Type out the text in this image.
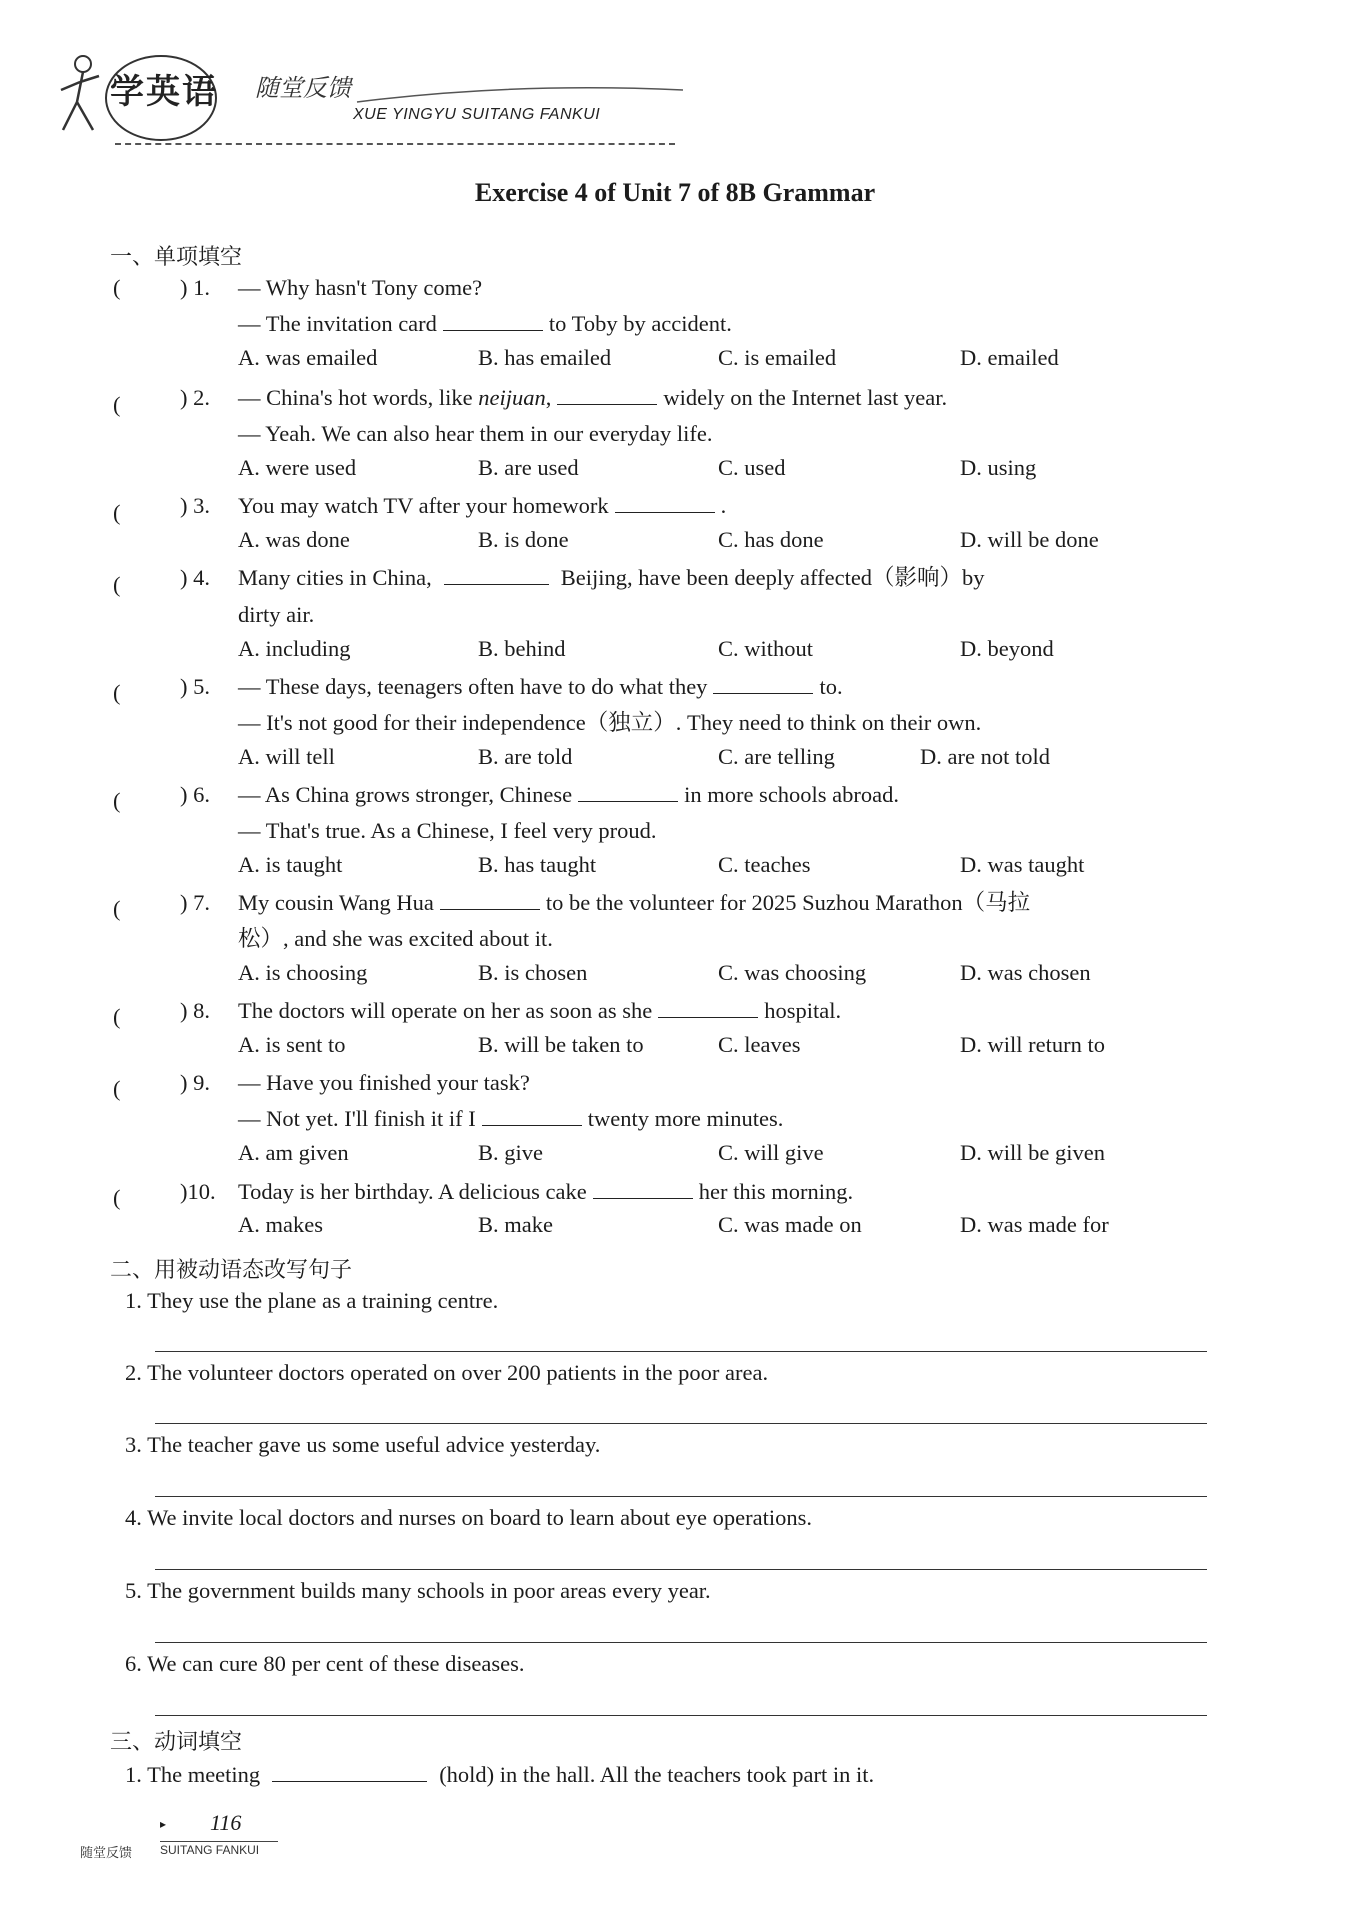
学英语 随堂反馈
XUE YINGYU SUITANG FANKUI
Exercise 4 of Unit 7 of 8B Grammar
一、单项填空
(	) 1. — Why hasn't Tony come?
— The invitation card	to Toby by accident.
A. was emailed	B. has emailed	C. is emailed	D. emailed
(	) 2. — China's hot words, like neijuan,	widely on the Internet last year.
— Yeah. We can also hear them in our everyday life.
A. were used	B. are used	C. used	D. using
(	) 3. You may watch TV after your homework	.
A. was done	B. is done	C. has done	D. will be done
(	) 4. Many cities in China,	Beijing, have been deeply affected（影响）by
dirty air.
A. including	B. behind	C. without	D. beyond
(	) 5. — These days, teenagers often have to do what they	to.
— It's not good for their independence（独立）. They need to think on their own.
A. will tell	B. are told	C. are telling	D. are not told
(	) 6. — As China grows stronger, Chinese	in more schools abroad.
— That's true. As a Chinese, I feel very proud.
A. is taught	B. has taught	C. teaches	D. was taught
(	) 7. My cousin Wang Hua	to be the volunteer for 2025 Suzhou Marathon（马拉
松）, and she was excited about it.
A. is choosing	B. is chosen	C. was choosing	D. was chosen
(	) 8. The doctors will operate on her as soon as she	hospital.
A. is sent to	B. will be taken to	C. leaves	D. will return to
(	) 9. — Have you finished your task?
— Not yet. I'll finish it if I	twenty more minutes.
A. am given	B. give	C. will give	D. will be given
(	)10. Today is her birthday. A delicious cake	her this morning.
A. makes	B. make	C. was made on	D. was made for
二、用被动语态改写句子
1. They use the plane as a training centre.
2. The volunteer doctors operated on over 200 patients in the poor area.
3. The teacher gave us some useful advice yesterday.
4. We invite local doctors and nurses on board to learn about eye operations.
5. The government builds many schools in poor areas every year.
6. We can cure 80 per cent of these diseases.
三、动词填空
1. The meeting	(hold) in the hall. All the teachers took part in it.
▸ 116
随堂反馈 SUITANG FANKUI
